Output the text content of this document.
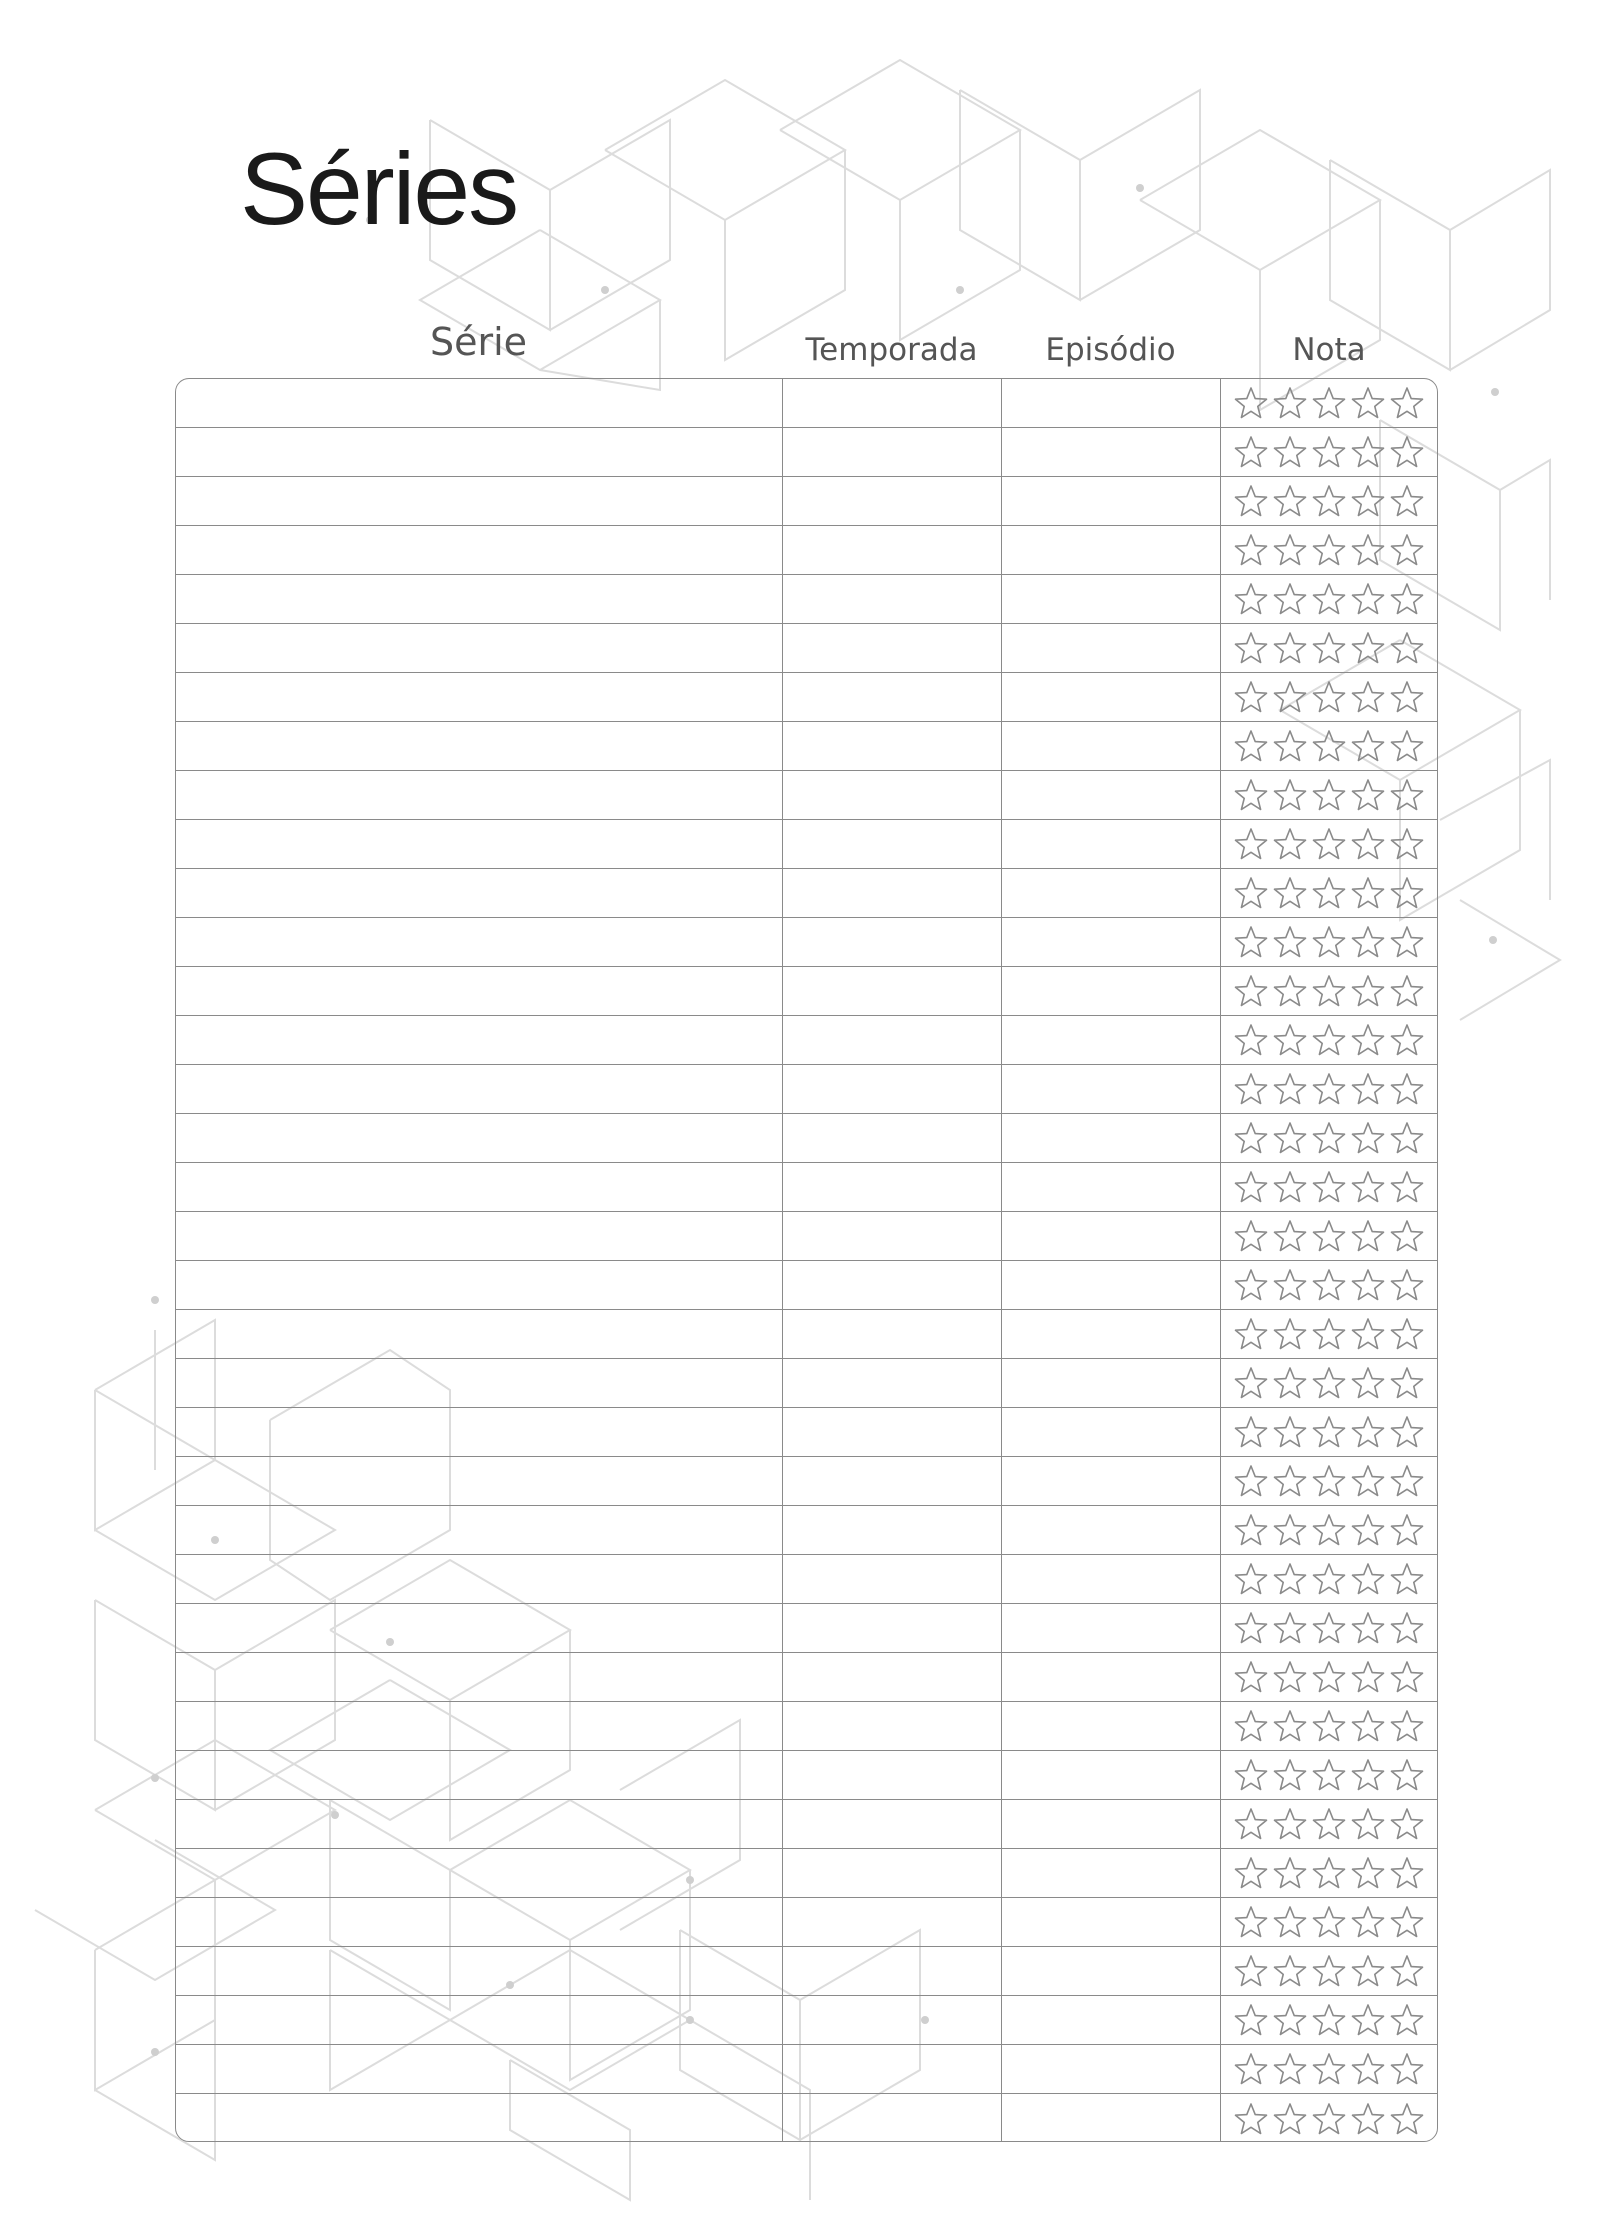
Séries
Série	Temporada	Episódio	Nota
